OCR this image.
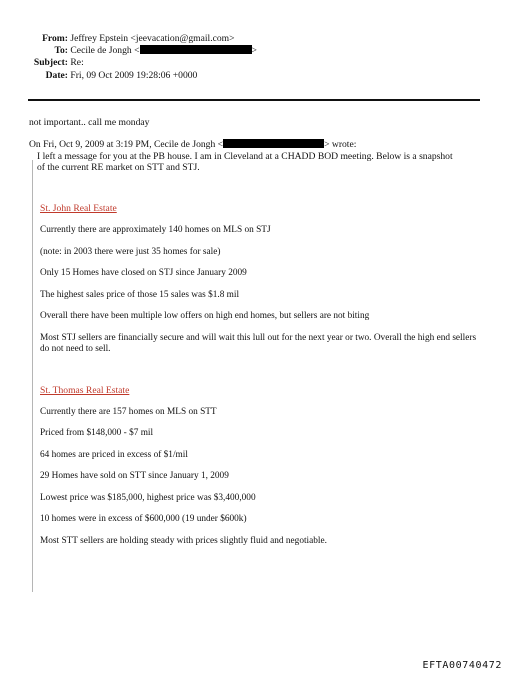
From: Jeffrey Epstein <jeevacation@gmail.com>
To: Cecile de Jongh <	>
Subject: Re:
Date: Fri, 09 Oct 2009 19:28:06 +0000
not important.. call me monday
On Fri, Oct 9, 2009 at 3:19 PM, Cecile de Jongh <	> wrote:
I left a message for you at the PB house. I am in Cleveland at a CHADD BOD meeting. Below is a snapshot
of the current RE market on STT and STJ.
St. John Real Estate
Currently there are approximately 140 homes on MLS on STJ
(note: in 2003 there were just 35 homes for sale)
Only 15 Homes have closed on STJ since January 2009
The highest sales price of those 15 sales was $1.8 mil
Overall there have been multiple low offers on high end homes, but sellers are not biting
Most STJ sellers are financially secure and will wait this lull out for the next year or two. Overall the high end sellers do not need to sell.
St. Thomas Real Estate
Currently there are 157 homes on MLS on STT
Priced from $148,000 - $7 mil
64 homes are priced in excess of $1/mil
29 Homes have sold on STT since January 1, 2009
Lowest price was $185,000, highest price was $3,400,000
10 homes were in excess of $600,000 (19 under $600k)
Most STT sellers are holding steady with prices slightly fluid and negotiable.
EFTA00740472
